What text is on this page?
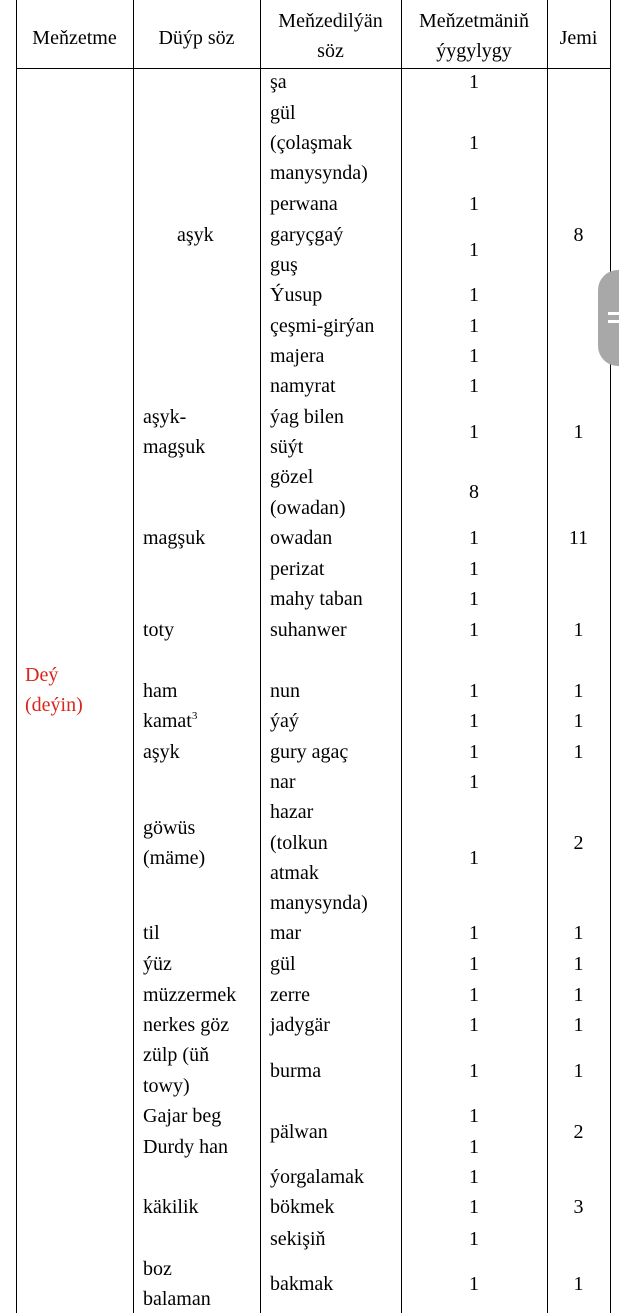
Meňzetme	Düýp söz
Meňzedilýän
söz
Meňzetmäniň
ýygylygy
Jemi
Deý
(deýin)
aşyk
aşyk-
magşuk
magşuk
toty
ham
kamat$^3$
aşyk
göwüs
(mäme)
til
ýüz
müzzermek
nerkes göz
zülp (üň
towy)
Gajar beg
Durdy han
käkilik
boz
balaman
şa
gül
(çolaşmak
manysynda)
perwana
garyçgaý
guş
Ýusup
çeşmi-girýan
majera
namyrat
ýag bilen
süýt
gözel
(owadan)
owadan
perizat
mahy taban
suhanwer
nun
ýaý
gury agaç
nar
hazar
(tolkun
atmak
manysynda)
mar
gül
zerre
jadygär
burma
pälwan
ýorgalamak
bökmek
sekişiň
bakmak
1
1
1
1
1
1
1
1
1
8
1
1
1
1
1
1
1
1
1
1
1
1
1
1
1
1
1
1
1
1
8
1
11
1
1
1
1
2
1
1
1
1
1
2
3
1
